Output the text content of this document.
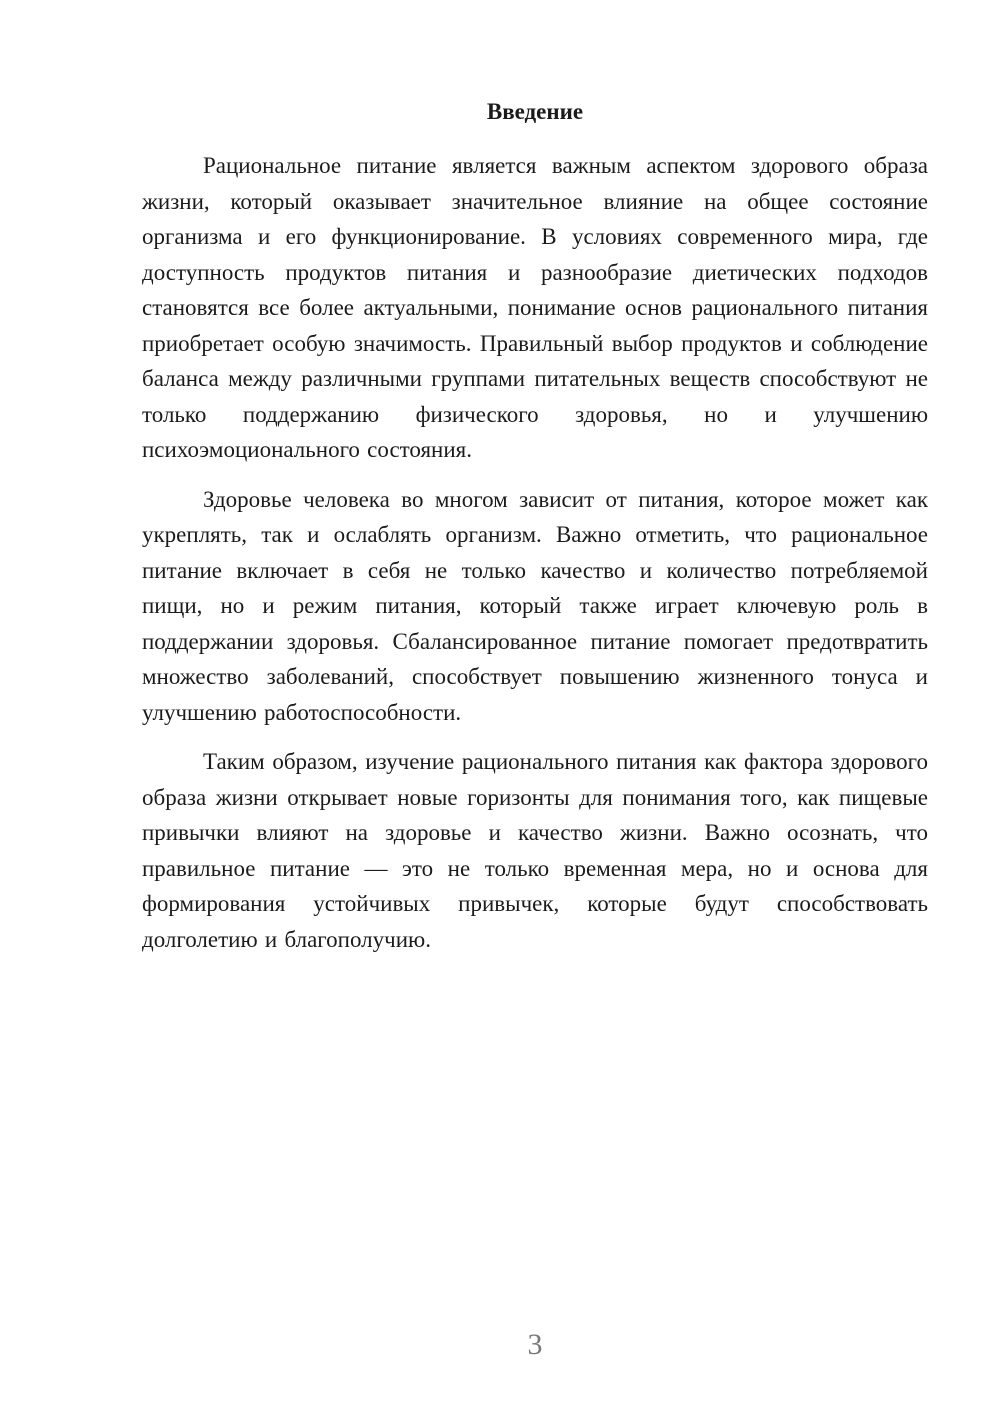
Введение

Рациональное питание является важным аспектом здорового образа жизни, который оказывает значительное влияние на общее состояние организма и его функционирование. В условиях современного мира, где доступность продуктов питания и разнообразие диетических подходов становятся все более актуальными, понимание основ рационального питания приобретает особую значимость. Правильный выбор продуктов и соблюдение баланса между различными группами питательных веществ способствуют не только поддержанию физического здоровья, но и улучшению психоэмоционального состояния.

Здоровье человека во многом зависит от питания, которое может как укреплять, так и ослаблять организм. Важно отметить, что рациональное питание включает в себя не только качество и количество потребляемой пищи, но и режим питания, который также играет ключевую роль в поддержании здоровья. Сбалансированное питание помогает предотвратить множество заболеваний, способствует повышению жизненного тонуса и улучшению работоспособности.

Таким образом, изучение рационального питания как фактора здорового образа жизни открывает новые горизонты для понимания того, как пищевые привычки влияют на здоровье и качество жизни. Важно осознать, что правильное питание — это не только временная мера, но и основа для формирования устойчивых привычек, которые будут способствовать долголетию и благополучию.

3
